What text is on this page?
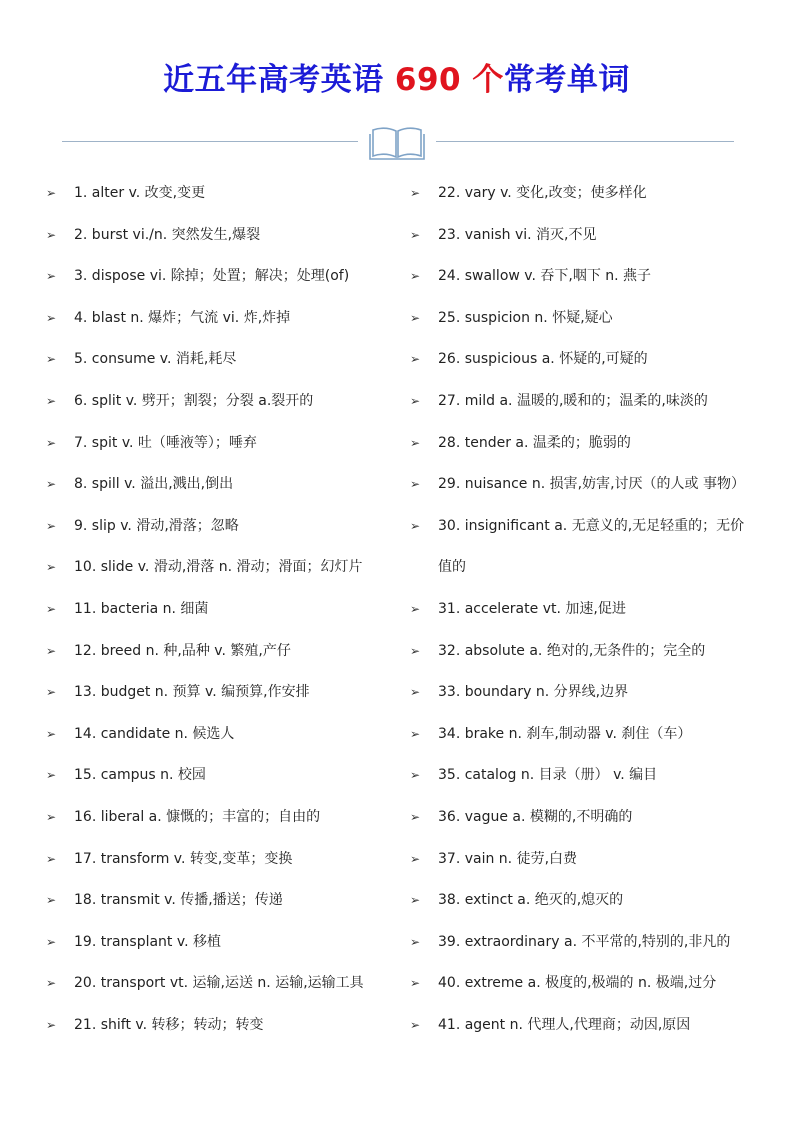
近五年高考英语 690 个常考单词
➢ 1. alter v. 改变,变更
➢ 2. burst vi./n. 突然发生,爆裂
➢ 3. dispose vi. 除掉；处置；解决；处理(of)
➢ 4. blast n. 爆炸；气流 vi. 炸,炸掉
➢ 5. consume v. 消耗,耗尽
➢ 6. split v. 劈开；割裂；分裂 a.裂开的
➢ 7. spit v. 吐（唾液等）；唾弃
➢ 8. spill v. 溢出,溅出,倒出
➢ 9. slip v. 滑动,滑落；忽略
➢ 10. slide v. 滑动,滑落 n. 滑动；滑面；幻灯片
➢ 11. bacteria n. 细菌
➢ 12. breed n. 种,品种 v. 繁殖,产仔
➢ 13. budget n. 预算 v. 编预算,作安排
➢ 14. candidate n. 候选人
➢ 15. campus n. 校园
➢ 16. liberal a. 慷慨的；丰富的；自由的
➢ 17. transform v. 转变,变革；变换
➢ 18. transmit v. 传播,播送；传递
➢ 19. transplant v. 移植
➢ 20. transport vt. 运输,运送 n. 运输,运输工具
➢ 21. shift v. 转移；转动；转变
➢ 22. vary v. 变化,改变；使多样化
➢ 23. vanish vi. 消灭,不见
➢ 24. swallow v. 吞下,咽下 n. 燕子
➢ 25. suspicion n. 怀疑,疑心
➢ 26. suspicious a. 怀疑的,可疑的
➢ 27. mild a. 温暖的,暖和的；温柔的,味淡的
➢ 28. tender a. 温柔的；脆弱的
➢ 29. nuisance n. 损害,妨害,讨厌（的人或 事物）
➢ 30. insignificant a. 无意义的,无足轻重的；无价值的
➢ 31. accelerate vt. 加速,促进
➢ 32. absolute a. 绝对的,无条件的；完全的
➢ 33. boundary n. 分界线,边界
➢ 34. brake n. 刹车,制动器 v. 刹住（车）
➢ 35. catalog n. 目录（册） v. 编目
➢ 36. vague a. 模糊的,不明确的
➢ 37. vain n. 徒劳,白费
➢ 38. extinct a. 绝灭的,熄灭的
➢ 39. extraordinary a. 不平常的,特别的,非凡的
➢ 40. extreme a. 极度的,极端的 n. 极端,过分
➢ 41. agent n. 代理人,代理商；动因,原因
